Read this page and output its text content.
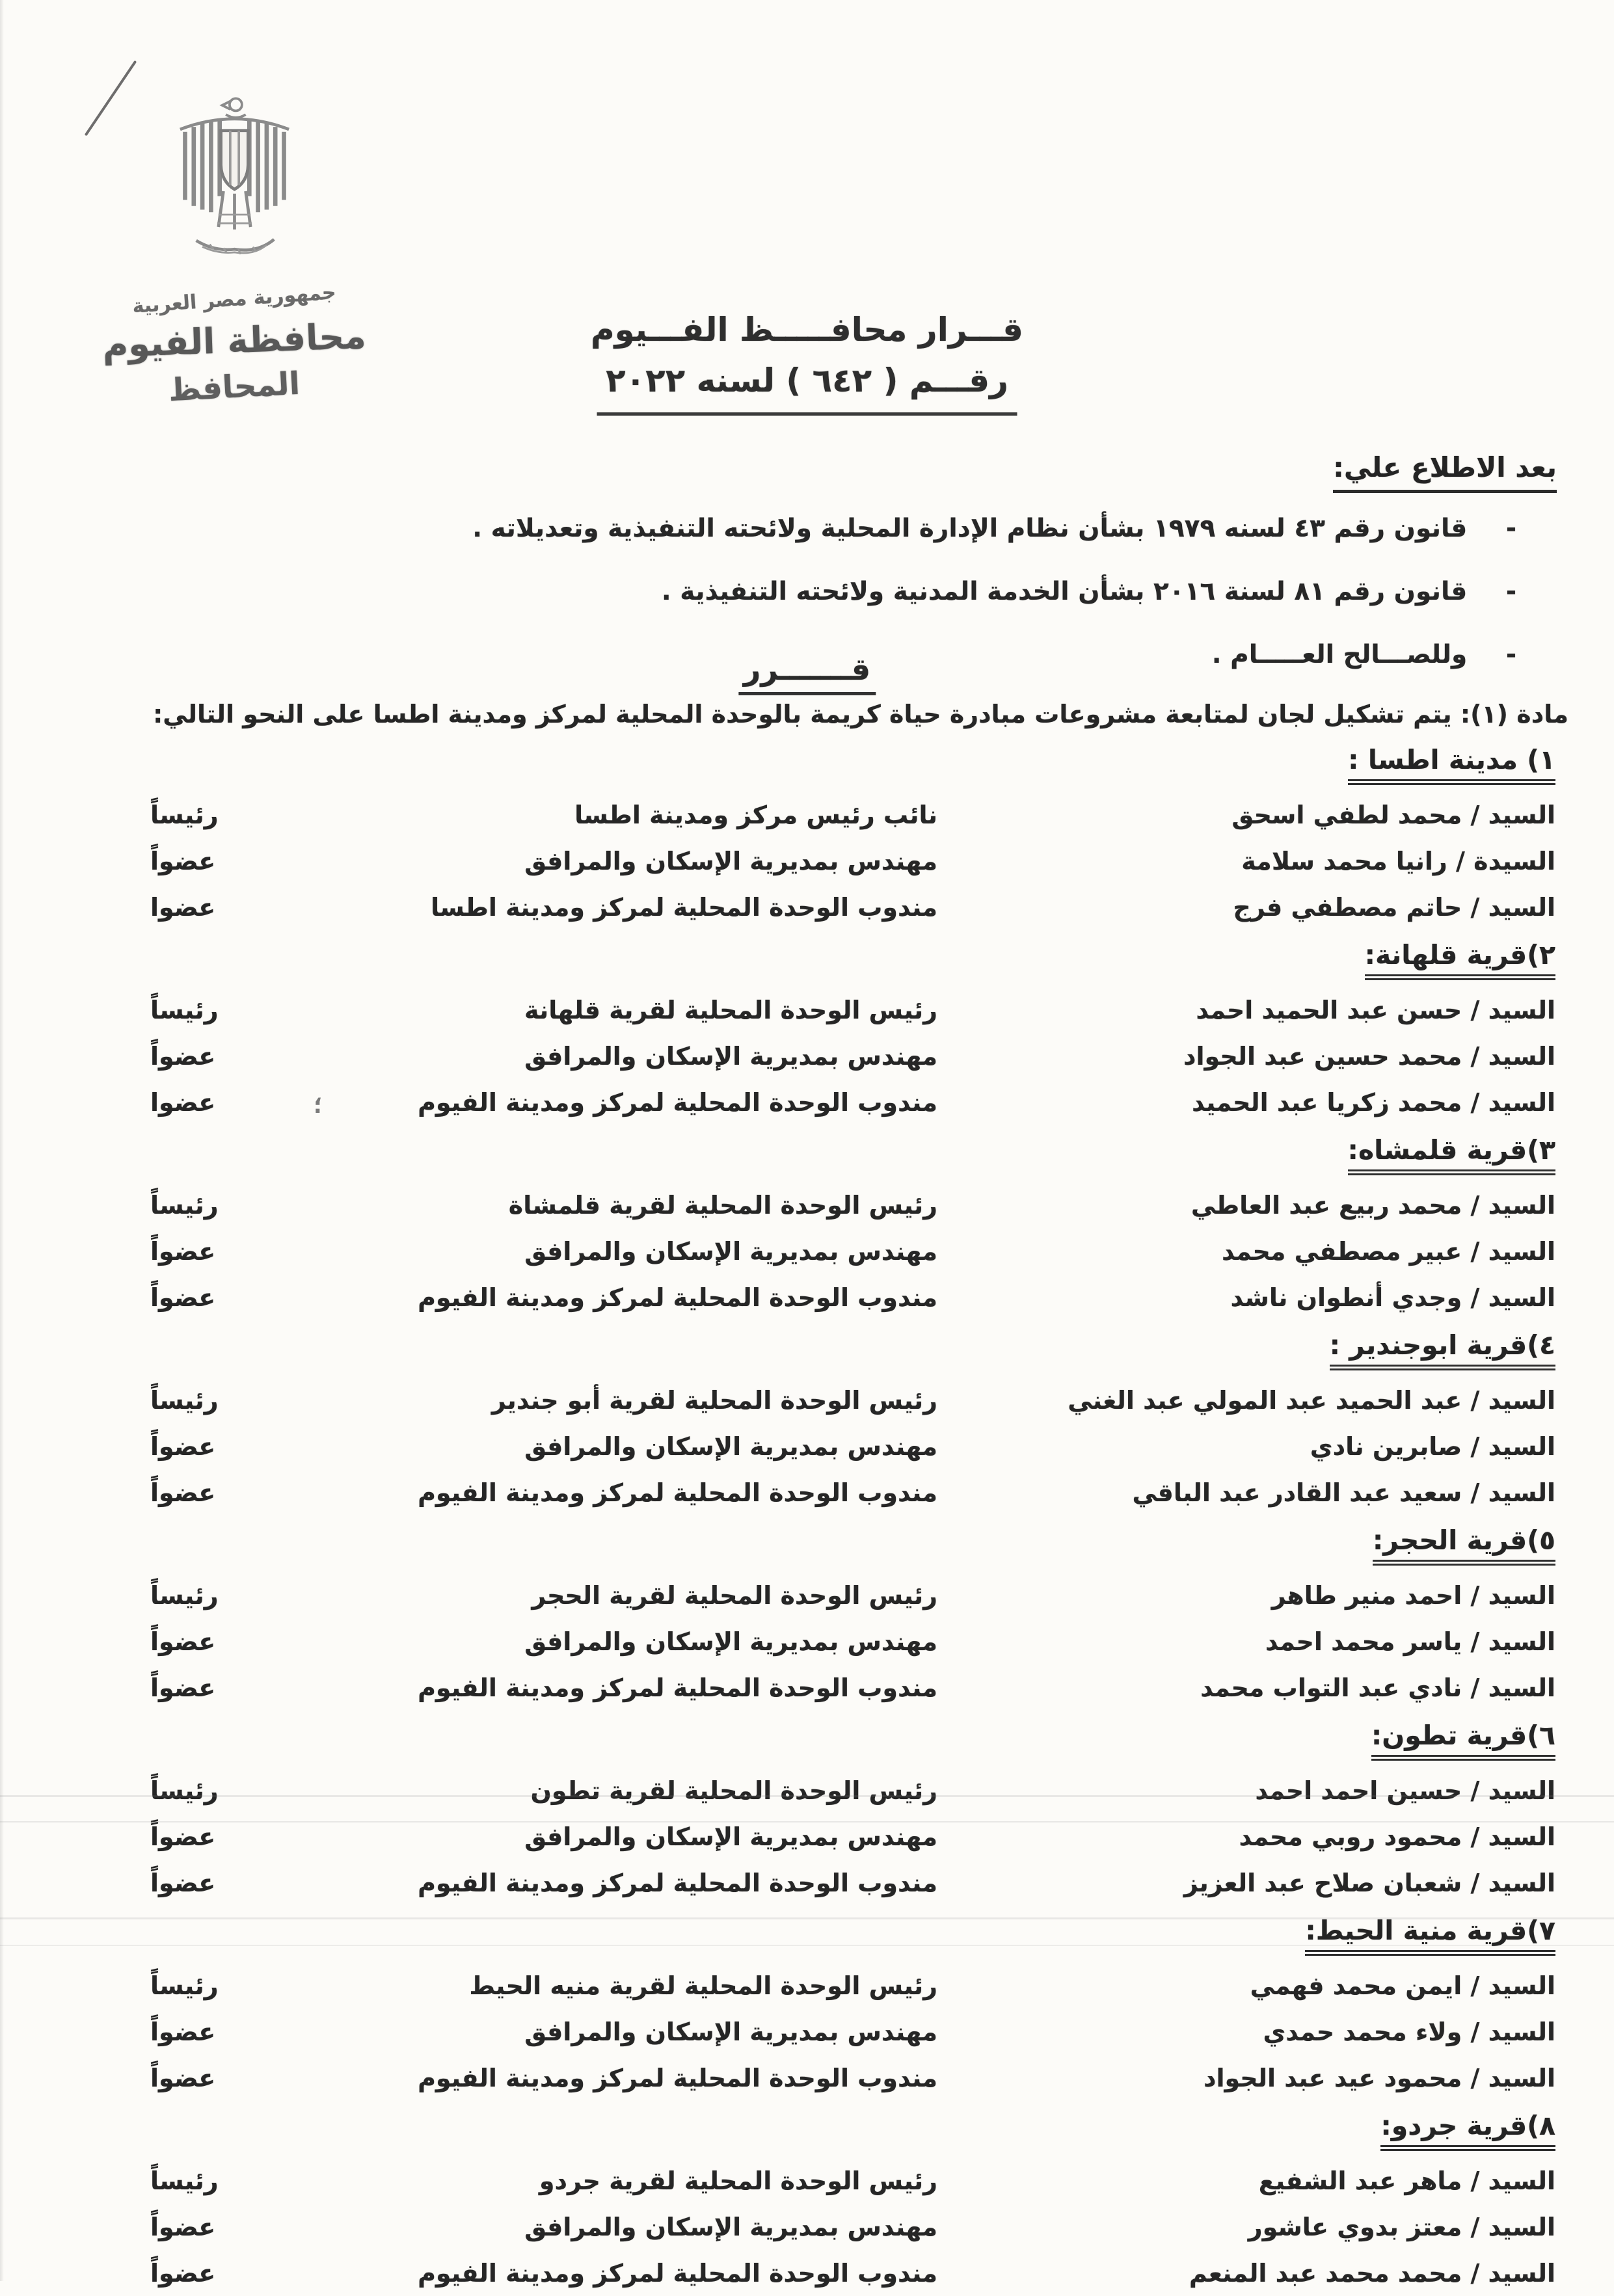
جمهورية مصر العربية
محافظة الفيوم
المحافظ
قـــرار محافـــــظ الفـــيوم
رقـــم ( ٦٤٢ ) لسنه ٢٠٢٢
بعد الاطلاع علي:
- قانون رقم ٤٣ لسنه ١٩٧٩ بشأن نظام الإدارة المحلية ولائحته التنفيذية وتعديلاته .
- قانون رقم ٨١ لسنة ٢٠١٦ بشأن الخدمة المدنية ولائحته التنفيذية .
- وللصـــالح العـــــام .
قـــــــرر
مادة (١): يتم تشكيل لجان لمتابعة مشروعات مبادرة حياة كريمة بالوحدة المحلية لمركز ومدينة اطسا على النحو التالي:
١) مدينة اطسا :
السيد / محمد لطفي اسحق
نائب رئيس مركز ومدينة اطسا
رئيساً
السيدة / رانيا محمد سلامة
مهندس بمديرية الإسكان والمرافق
عضواً
السيد / حاتم مصطفي فرج
مندوب الوحدة المحلية لمركز ومدينة اطسا
عضوا
٢)قرية قلهانة:
السيد / حسن عبد الحميد احمد
رئيس الوحدة المحلية لقرية قلهانة
رئيساً
السيد / محمد حسين عبد الجواد
مهندس بمديرية الإسكان والمرافق
عضواً
السيد / محمد زكريا عبد الحميد
مندوب الوحدة المحلية لمركز ومدينة الفيوم
عضوا
٣)قرية قلمشاه:
السيد / محمد ربيع عبد العاطي
رئيس الوحدة المحلية لقرية قلمشاة
رئيساً
السيد / عبير مصطفي محمد
مهندس بمديرية الإسكان والمرافق
عضواً
السيد / وجدي أنطوان ناشد
مندوب الوحدة المحلية لمركز ومدينة الفيوم
عضواً
٤)قرية ابوجندير :
السيد / عبد الحميد عبد المولي عبد الغني
رئيس الوحدة المحلية لقرية أبو جندير
رئيساً
السيد / صابرين نادي
مهندس بمديرية الإسكان والمرافق
عضواً
السيد / سعيد عبد القادر عبد الباقي
مندوب الوحدة المحلية لمركز ومدينة الفيوم
عضواً
٥)قرية الحجر:
السيد / احمد منير طاهر
رئيس الوحدة المحلية لقرية الحجر
رئيساً
السيد / ياسر محمد احمد
مهندس بمديرية الإسكان والمرافق
عضواً
السيد / نادي عبد التواب محمد
مندوب الوحدة المحلية لمركز ومدينة الفيوم
عضواً
٦)قرية تطون:
السيد / حسين احمد احمد
رئيس الوحدة المحلية لقرية تطون
رئيساً
السيد / محمود روبي محمد
مهندس بمديرية الإسكان والمرافق
عضواً
السيد / شعبان صلاح عبد العزيز
مندوب الوحدة المحلية لمركز ومدينة الفيوم
عضواً
٧)قرية منية الحيط:
السيد / ايمن محمد فهمي
رئيس الوحدة المحلية لقرية منيه الحيط
رئيساً
السيد / ولاء محمد حمدي
مهندس بمديرية الإسكان والمرافق
عضواً
السيد / محمود عيد عبد الجواد
مندوب الوحدة المحلية لمركز ومدينة الفيوم
عضواً
٨)قرية جردو:
السيد / ماهر عبد الشفيع
رئيس الوحدة المحلية لقرية جردو
رئيساً
السيد / معتز بدوي عاشور
مهندس بمديرية الإسكان والمرافق
عضواً
السيد / محمد محمد عبد المنعم
مندوب الوحدة المحلية لمركز ومدينة الفيوم
عضواً
؛
